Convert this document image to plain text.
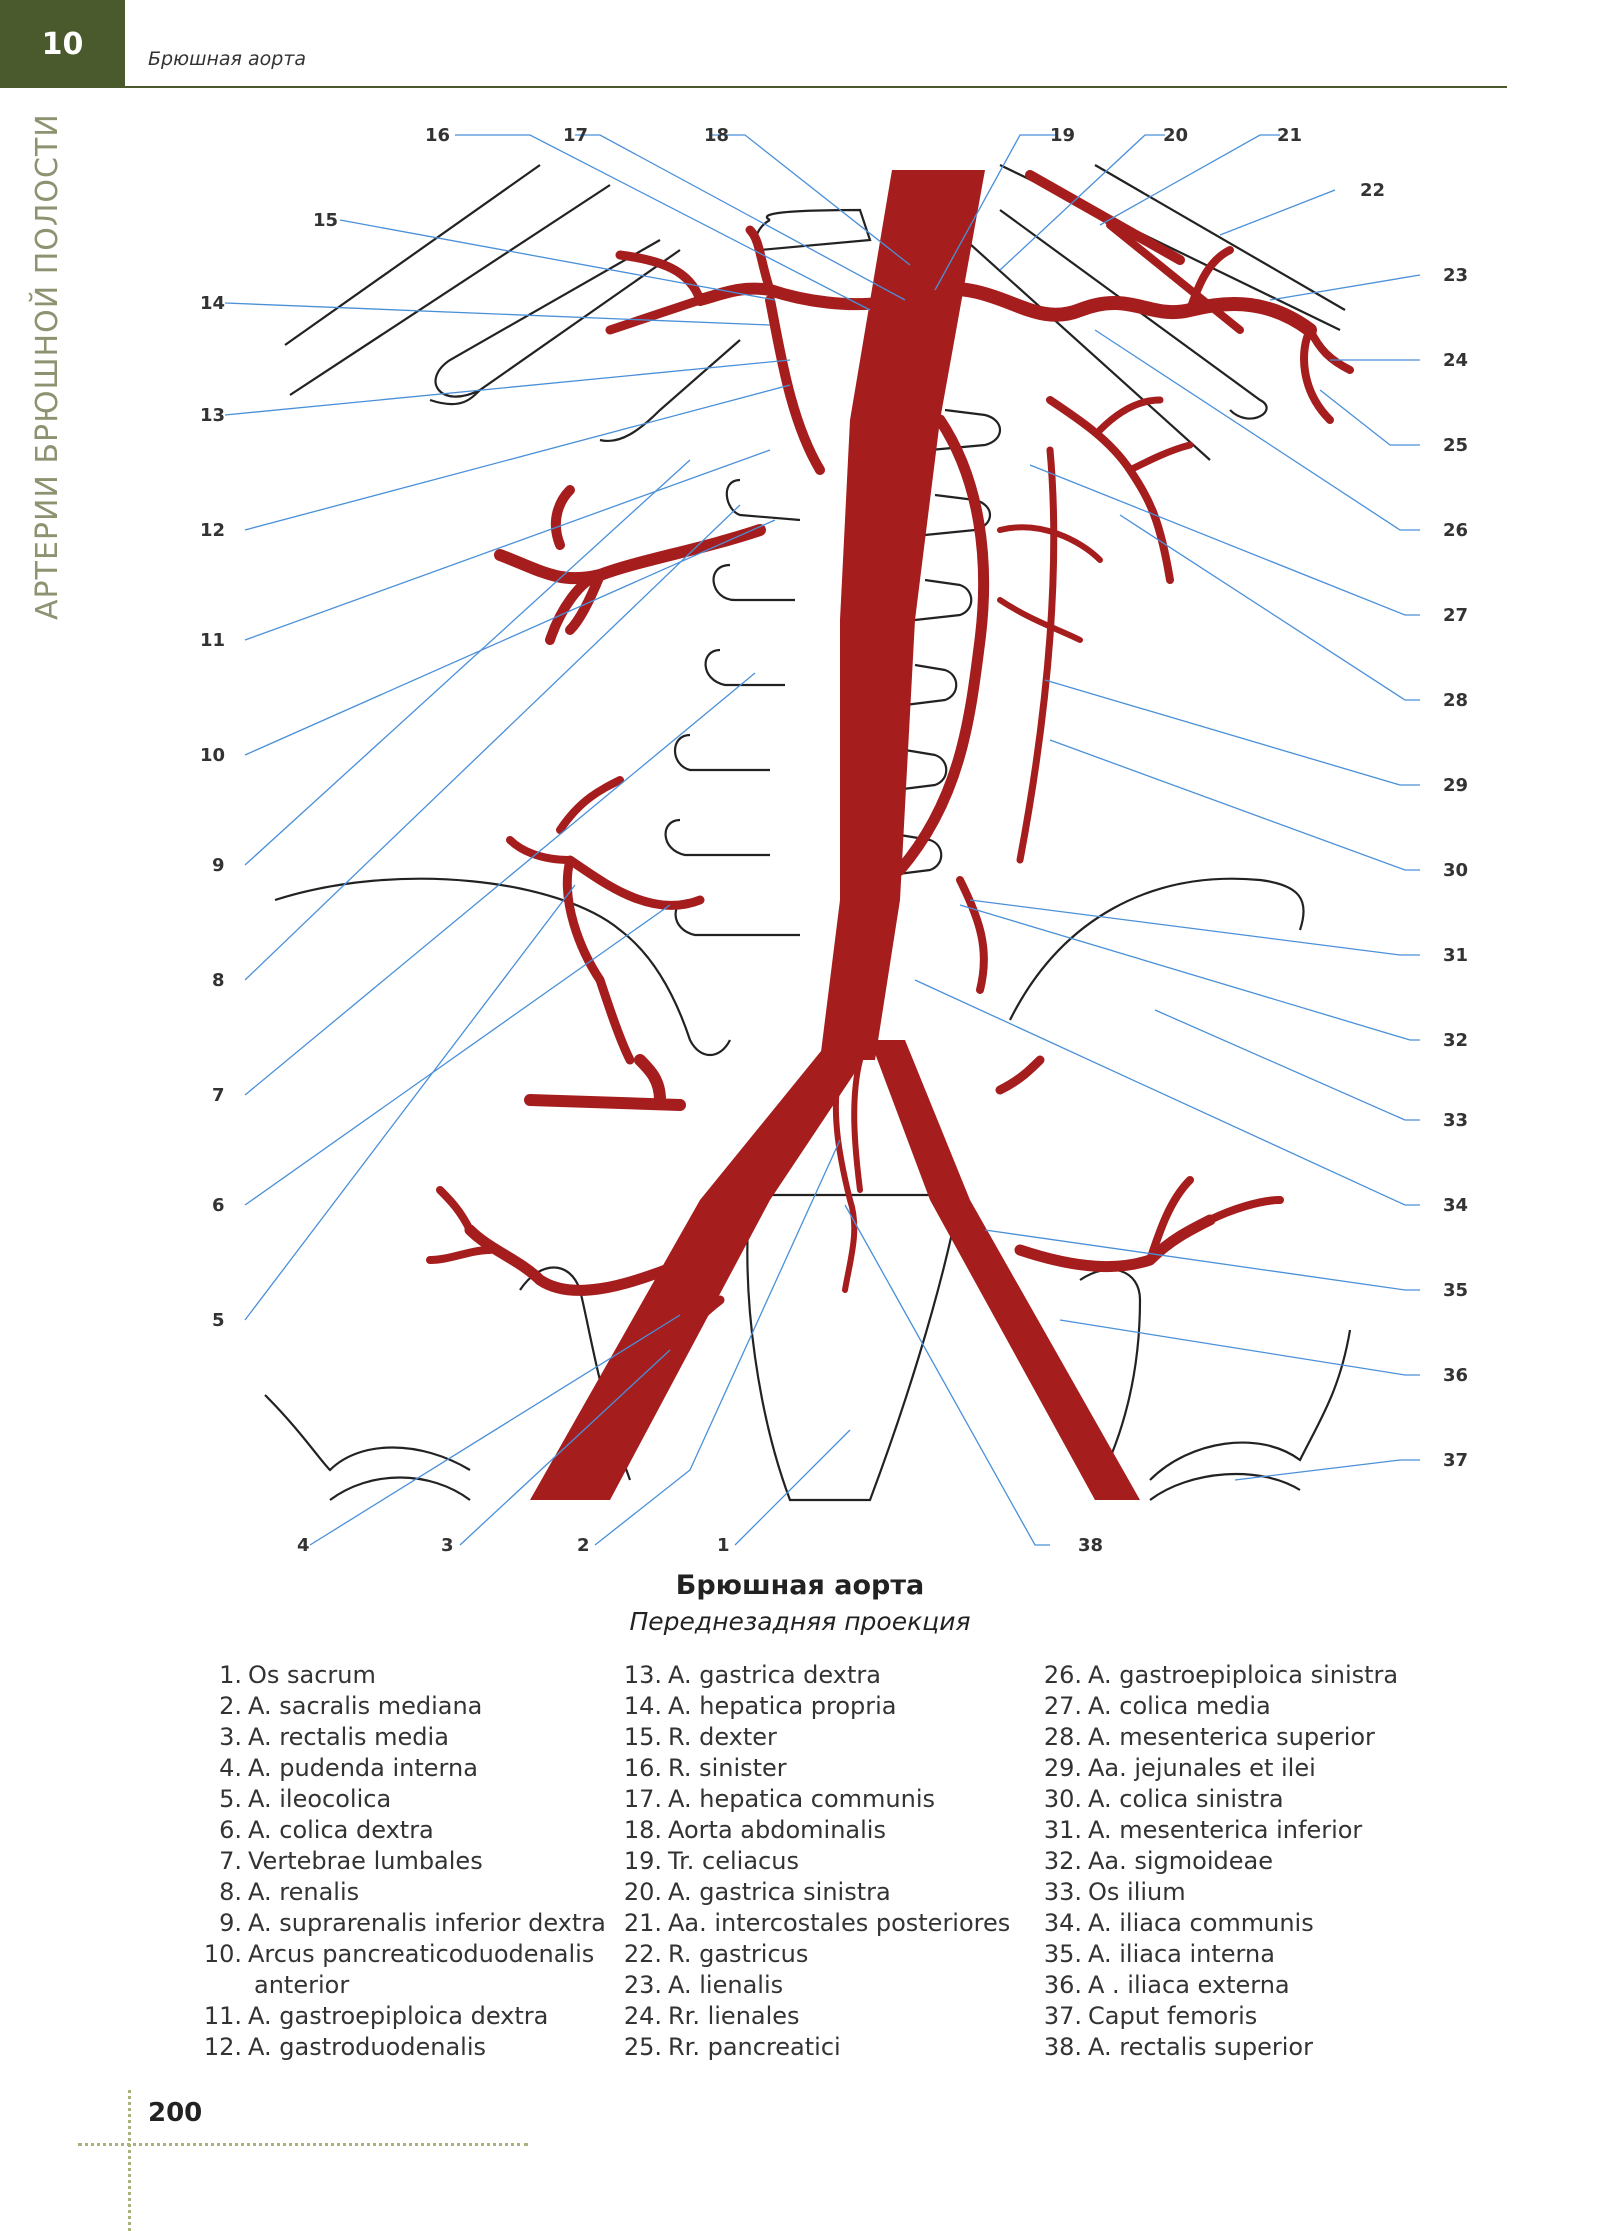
10	Брюшная аорта
АРТЕРИИ БРЮШНОЙ ПОЛОСТИ
1
2
3
4
5
6
7
8
9
10
11
12
13
14
15
16	17	18	19	20	21
22
23
24
25
26
27
28
29
30
31
32
33
34
35
36
37
38
Брюшная аорта
Переднезадняя проекция
1. Os sacrum
2. A. sacralis mediana
3. A. rectalis media
4. A. pudenda interna
5. A. ileocolica
6. A. colica dextra
7. Vertebrae lumbales
8. A. renalis
9. A. suprarenalis inferior dextra
10. Arcus pancreaticoduodenalis
anterior
11. A. gastroepiploica dextra
12. A. gastroduodenalis
13. A. gastrica dextra
14. A. hepatica propria
15. R. dexter
16. R. sinister
17. A. hepatica communis
18. Aorta abdominalis
19. Tr. celiacus
20. A. gastrica sinistra
21. Aa. intercostales posteriores
22. R. gastricus
23. A. lienalis
24. Rr. lienales
25. Rr. pancreatici
26. A. gastroepiploica sinistra
27. A. colica media
28. A. mesenterica superior
29. Aa. jejunales et ilei
30. A. colica sinistra
31. A. mesenterica inferior
32. Aa. sigmoideae
33. Os ilium
34. A. iliaca communis
35. A. iliaca interna
36. A . iliaca externa
37. Caput femoris
38. A. rectalis superior
200
